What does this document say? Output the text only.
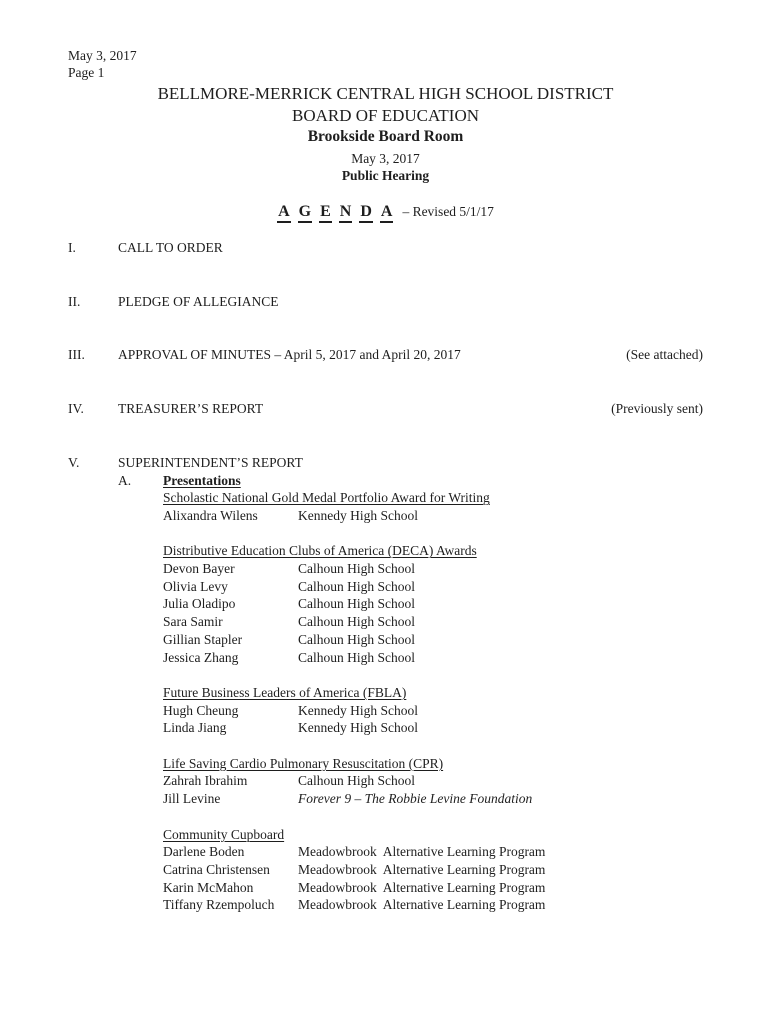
May 3, 2017
Page 1
BELLMORE-MERRICK CENTRAL HIGH SCHOOL DISTRICT
BOARD OF EDUCATION
Brookside Board Room
May 3, 2017
Public Hearing
A G E N D A – Revised 5/1/17
I.	CALL TO ORDER
II.	PLEDGE OF ALLEGIANCE
III.	APPROVAL OF MINUTES – April 5, 2017 and April 20, 2017	(See attached)
IV.	TREASURER’S REPORT	(Previously sent)
V.	SUPERINTENDENT’S REPORT
A.	Presentations
Scholastic National Gold Medal Portfolio Award for Writing
Alixandra Wilens	Kennedy High School
Distributive Education Clubs of America (DECA) Awards
Devon Bayer	Calhoun High School
Olivia Levy	Calhoun High School
Julia Oladipo	Calhoun High School
Sara Samir	Calhoun High School
Gillian Stapler	Calhoun High School
Jessica Zhang	Calhoun High School
Future Business Leaders of America (FBLA)
Hugh Cheung	Kennedy High School
Linda Jiang	Kennedy High School
Life Saving Cardio Pulmonary Resuscitation (CPR)
Zahrah Ibrahim	Calhoun High School
Jill Levine	Forever 9 – The Robbie Levine Foundation
Community Cupboard
Darlene Boden	Meadowbrook  Alternative Learning Program
Catrina Christensen	Meadowbrook  Alternative Learning Program
Karin McMahon	Meadowbrook  Alternative Learning Program
Tiffany Rzempoluch	Meadowbrook  Alternative Learning Program
